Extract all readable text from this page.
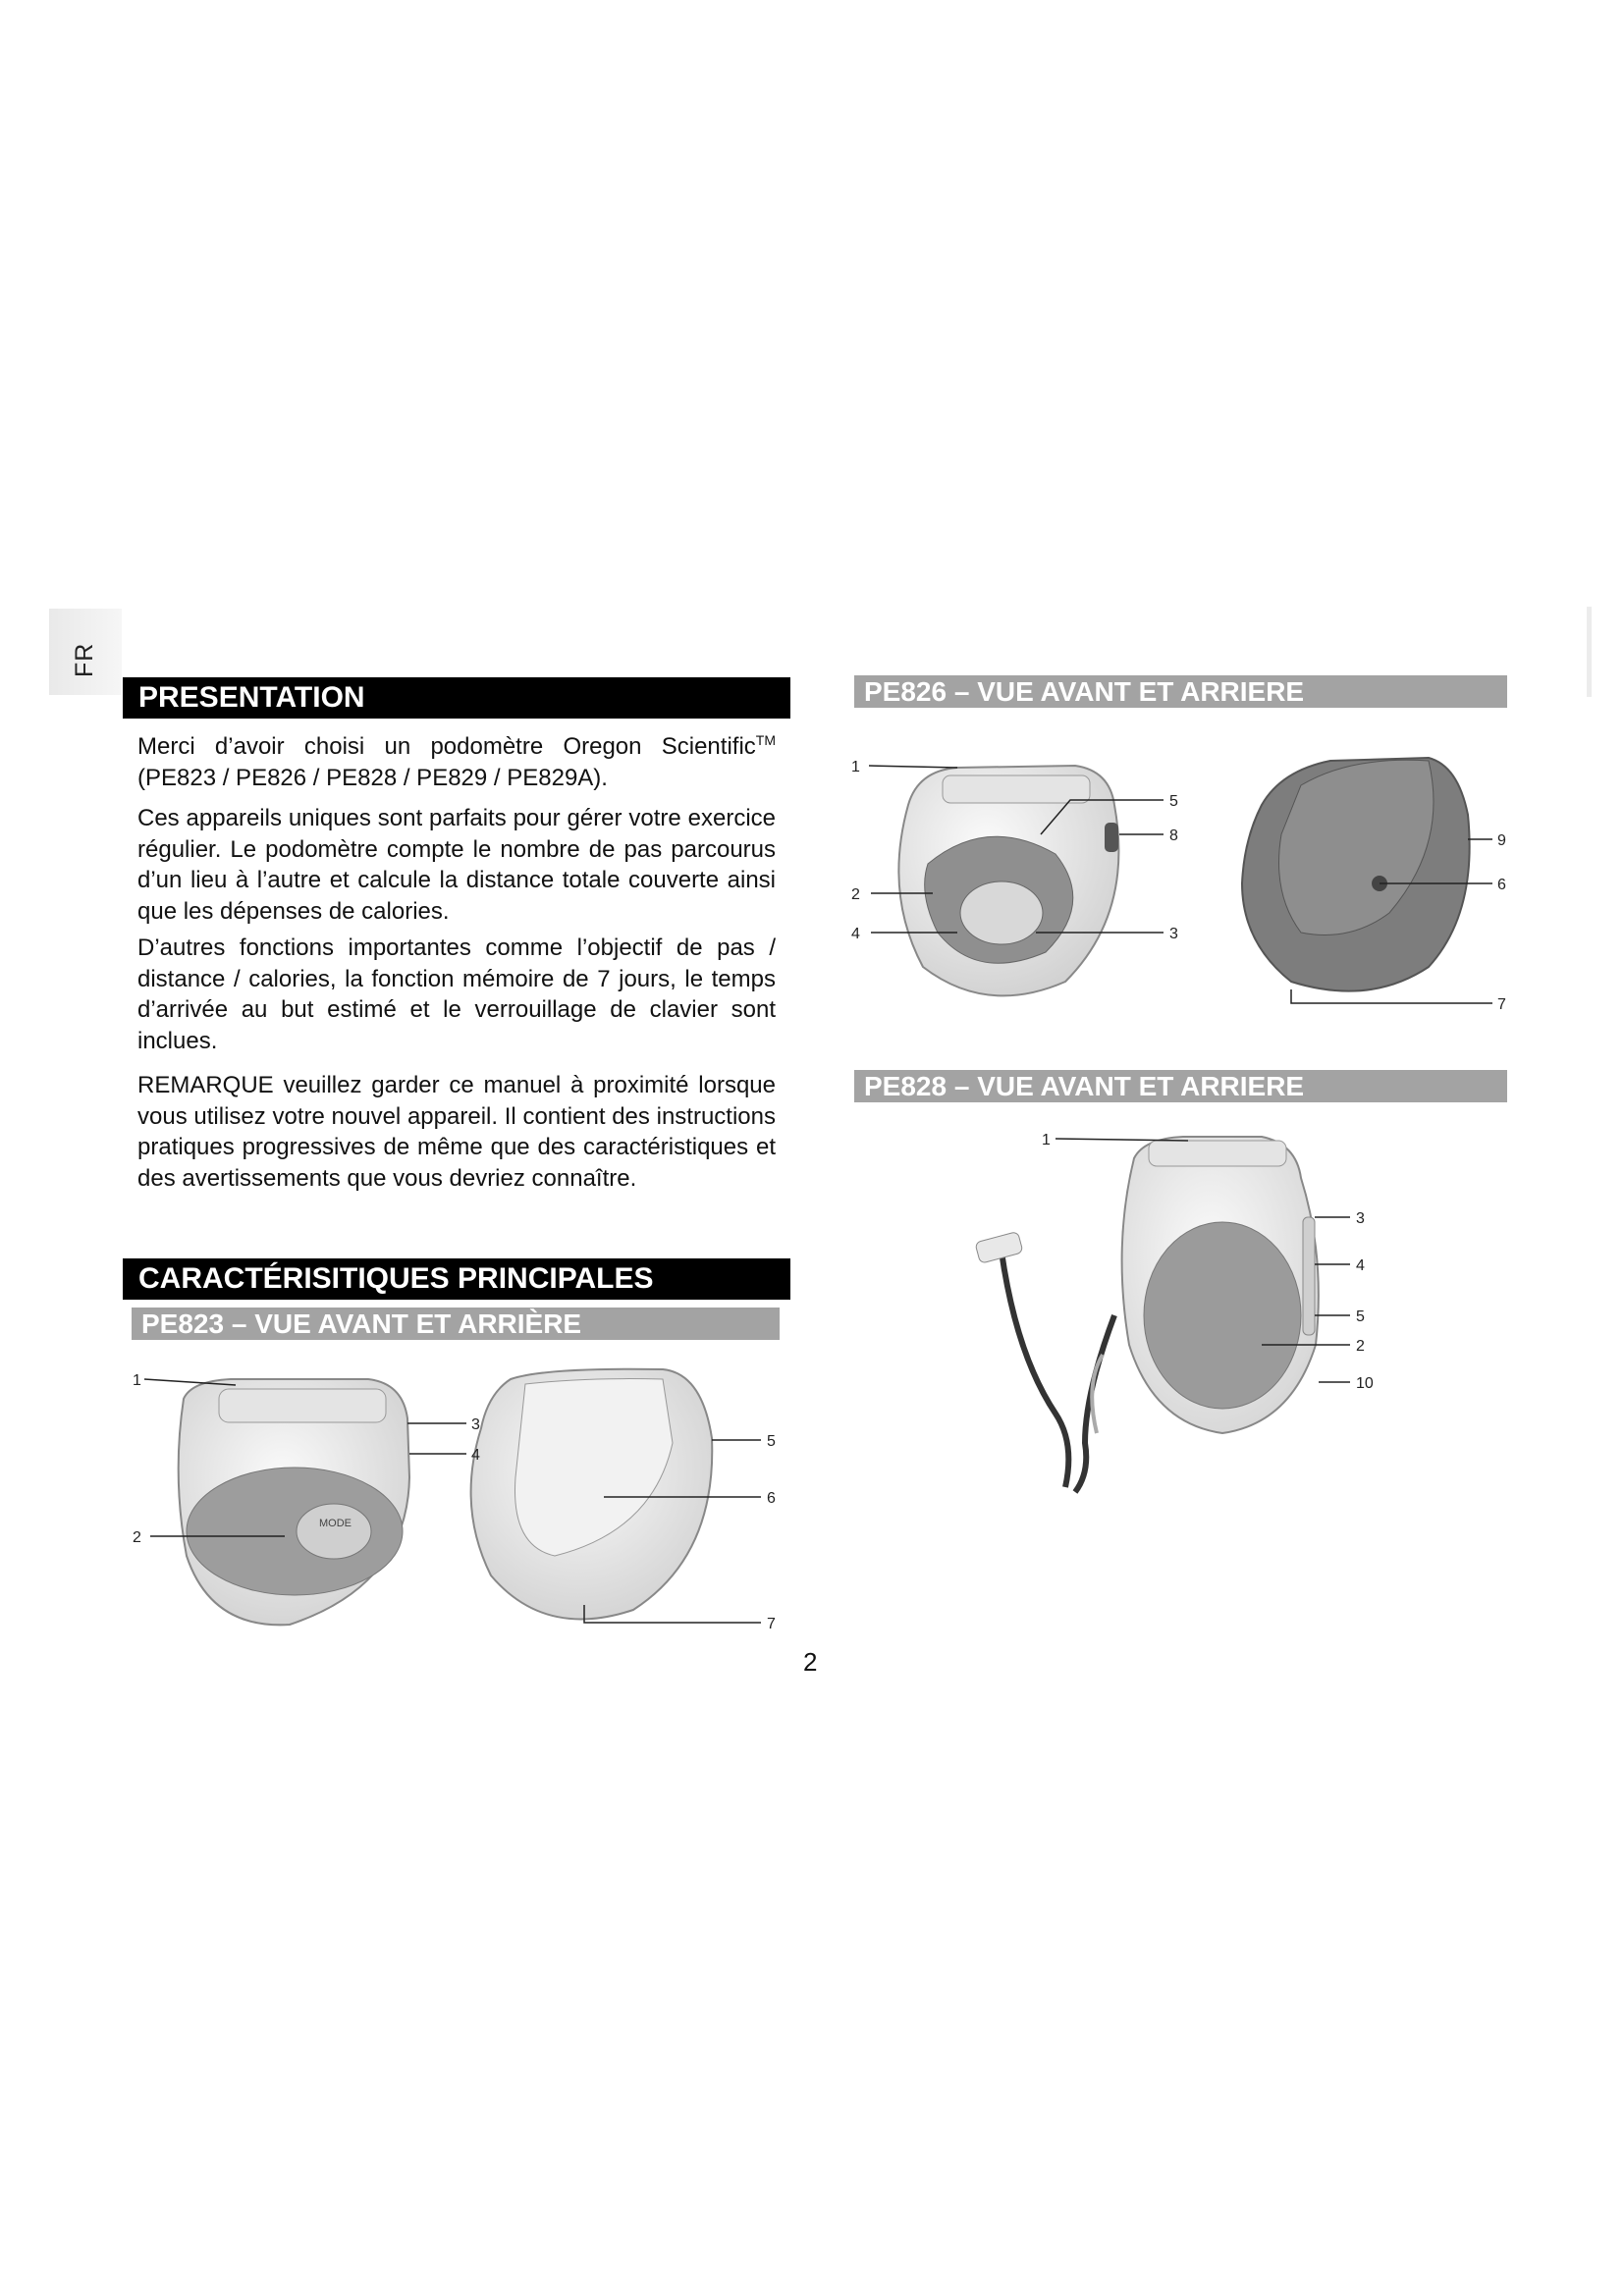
FR
PRESENTATION

Merci d’avoir choisi un podomètre Oregon Scientific™ (PE823 / PE826 / PE828 / PE829 / PE829A).

Ces appareils uniques sont parfaits pour gérer votre exercice régulier. Le podomètre compte le nombre de pas parcourus d’un lieu à l’autre et calcule la distance totale couverte ainsi que les dépenses de calories.

D’autres fonctions importantes comme l’objectif de pas / distance / calories, la fonction mémoire de 7 jours, le temps d’arrivée au but estimé et le verrouillage de clavier sont inclues.

REMARQUE veuillez garder ce manuel à proximité lorsque vous utilisez votre nouvel appareil. Il contient des instructions pratiques progressives de même que des caractéristiques et des avertissements que vous devriez connaître.

CARACTÉRISITIQUES PRINCIPALES
PE823 – VUE AVANT ET ARRIÈRE
MODE
1
2
3
4
5
6
7
PE826 – VUE AVANT ET ARRIERE
1
2
3
4
5
6
7
8	9
PE828 – VUE AVANT ET ARRIERE
1
2
3
4
5
10
2
